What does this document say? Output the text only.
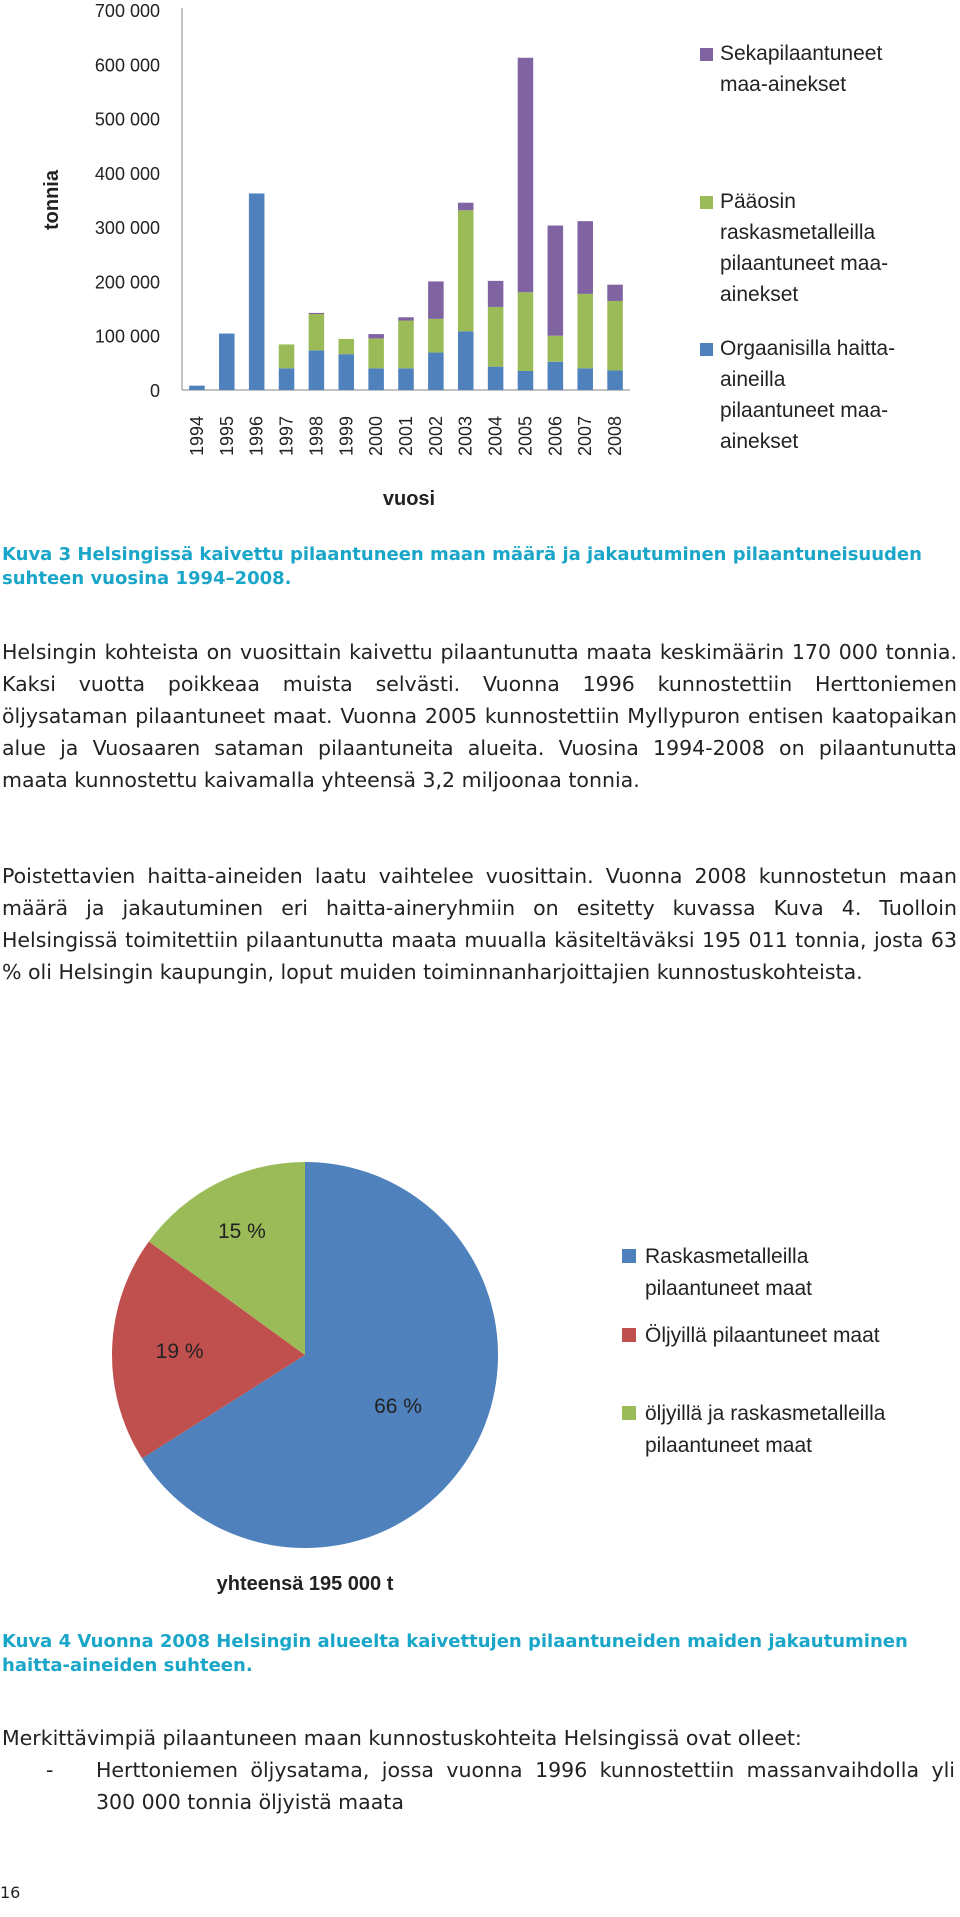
0
100 000
200 000
300 000
400 000
500 000
600 000
700 000
1994 1995 1996 1997 1998 1999 2000 2001 2002 2003 2004 2005 2006 2007 2008
tonnia
vuosi
Sekapilaantuneet maa-ainekset
Pääosin raskasmetalleilla pilaantuneet maa-ainekset
Orgaanisilla haitta-aineilla pilaantuneet maa-ainekset
Kuva 3 Helsingissä kaivettu pilaantuneen maan määrä ja jakautuminen pilaantuneisuuden suhteen vuosina 1994–2008.
Helsingin kohteista on vuosittain kaivettu pilaantunutta maata keskimäärin 170 000 tonnia. Kaksi vuotta poikkeaa muista selvästi. Vuonna 1996 kunnostettiin Herttoniemen öljysataman pilaantuneet maat. Vuonna 2005 kunnostettiin Myllypuron entisen kaatopaikan alue ja Vuosaaren sataman pilaantuneita alueita. Vuosina 1994-2008 on pilaantunutta maata kunnostettu kaivamalla yhteensä 3,2 miljoonaa tonnia.
Poistettavien haitta-aineiden laatu vaihtelee vuosittain. Vuonna 2008 kunnostetun maan määrä ja jakautuminen eri haitta-aineryhmiin on esitetty kuvassa Kuva 4. Tuolloin Helsingissä toimitettiin pilaantunutta maata muualla käsiteltäväksi 195 011 tonnia, josta 63 % oli Helsingin kaupungin, loput muiden toiminnanharjoittajien kunnostuskohteista.
66 %
19 %
15 %
Raskasmetalleilla pilaantuneet maat
Öljyillä pilaantuneet maat
öljyillä ja raskasmetalleilla pilaantuneet maat
yhteensä 195 000 t
Kuva 4 Vuonna 2008 Helsingin alueelta kaivettujen pilaantuneiden maiden jakautuminen haitta-aineiden suhteen.
Merkittävimpiä pilaantuneen maan kunnostuskohteita Helsingissä ovat olleet:
-	Herttoniemen öljysatama, jossa vuonna 1996 kunnostettiin massanvaihdolla yli 300 000 tonnia öljyistä maata
16
